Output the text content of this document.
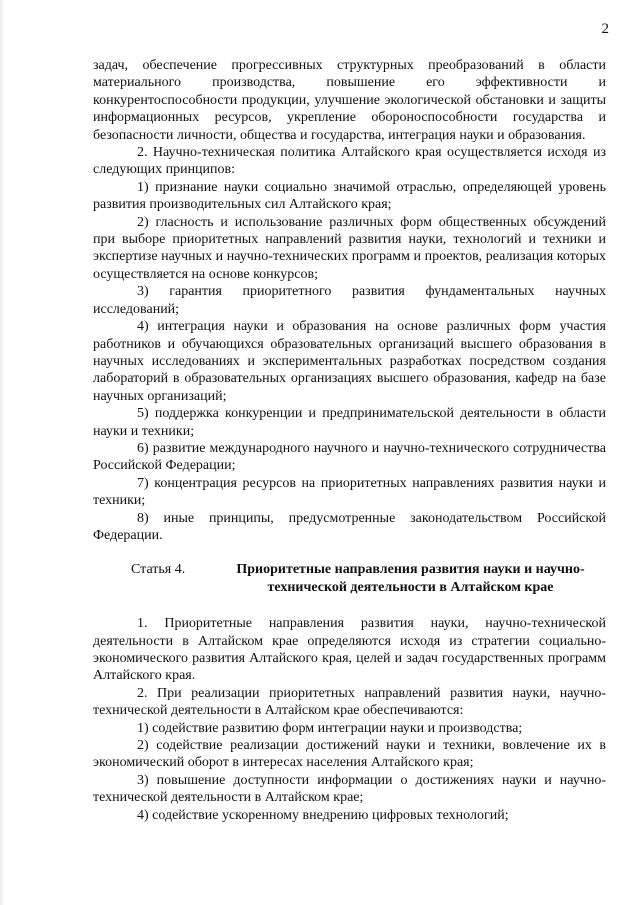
2

задач, обеспечение прогрессивных структурных преобразований в области материального производства, повышение его эффективности и конкурентоспособности продукции, улучшение экологической обстановки и защиты информационных ресурсов, укрепление обороноспособности государства и безопасности личности, общества и государства, интеграция науки и образования.

2. Научно-техническая политика Алтайского края осуществляется исходя из следующих принципов:

1) признание науки социально значимой отраслью, определяющей уровень развития производительных сил Алтайского края;

2) гласность и использование различных форм общественных обсуждений при выборе приоритетных направлений развития науки, технологий и техники и экспертизе научных и научно-технических программ и проектов, реализация которых осуществляется на основе конкурсов;

3) гарантия приоритетного развития фундаментальных научных исследований;

4) интеграция науки и образования на основе различных форм участия работников и обучающихся образовательных организаций высшего образования в научных исследованиях и экспериментальных разработках посредством создания лабораторий в образовательных организациях высшего образования, кафедр на базе научных организаций;

5) поддержка конкуренции и предпринимательской деятельности в области науки и техники;

6) развитие международного научного и научно-технического сотрудничества Российской Федерации;

7) концентрация ресурсов на приоритетных направлениях развития науки и техники;

8) иные принципы, предусмотренные законодательством Российской Федерации.

Статья 4.	Приоритетные направления развития науки и научно-технической деятельности в Алтайском крае

1. Приоритетные направления развития науки, научно-технической деятельности в Алтайском крае определяются исходя из стратегии социально-экономического развития Алтайского края, целей и задач государственных программ Алтайского края.

2. При реализации приоритетных направлений развития науки, научно-технической деятельности в Алтайском крае обеспечиваются:

1) содействие развитию форм интеграции науки и производства;

2) содействие реализации достижений науки и техники, вовлечение их в экономический оборот в интересах населения Алтайского края;

3) повышение доступности информации о достижениях науки и научно-технической деятельности в Алтайском крае;

4) содействие ускоренному внедрению цифровых технологий;
